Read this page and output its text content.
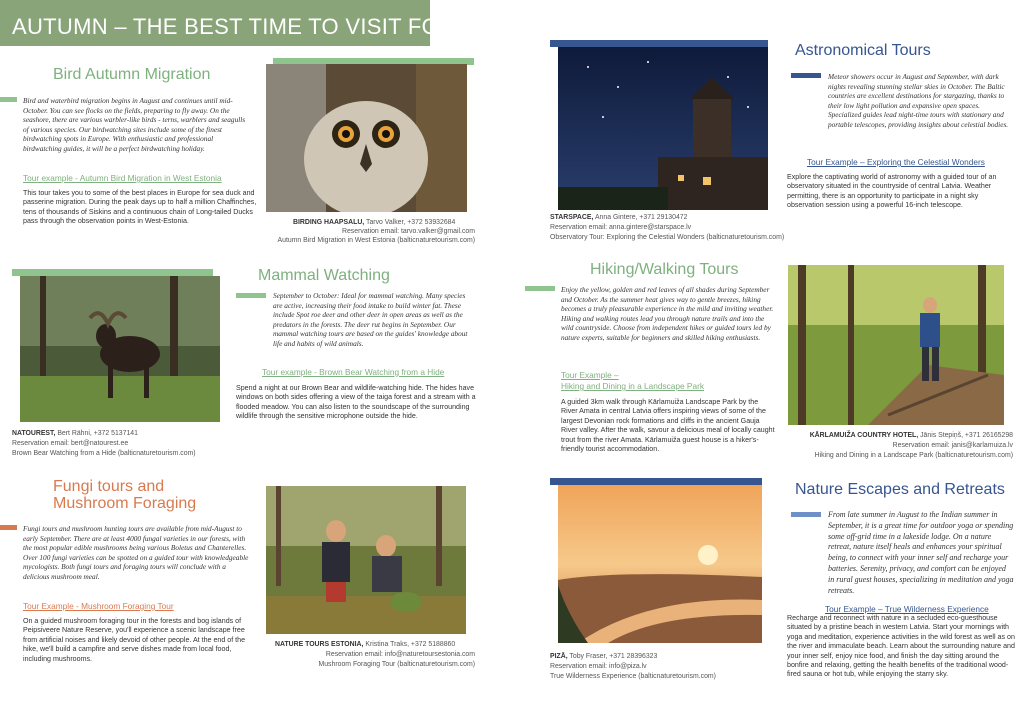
AUTUMN – THE BEST TIME TO VISIT FOR:
Bird Autumn Migration
Bird and waterbird migration begins in August and continues until mid-October. You can see flocks on the fields, preparing to fly away. On the seashore, there are various warbler-like birds - terns, warblers and seagulls of various species. Our birdwatching sites include some of the finest birdwatching spots in Europe. With enthusiastic and professional birdwatching guides, it will be a perfect birdwatching holiday.
Tour example - Autumn Bird Migration in West Estonia
This tour takes you to some of the best places in Europe for sea duck and passerine migration. During the peak days up to half a million Chaffinches, tens of thousands of Siskins and a continuous chain of Long-tailed Ducks pass through the observation points in West-Estonia.	BIRDING HAAPSALU, Tarvo Valker, +372 53932684
Reservation email: tarvo.valker@gmail.com
Autumn Bird Migration in West Estonia (balticnaturetourism.com)
Astronomical Tours
Meteor showers occur in August and September, with dark nights revealing stunning stellar skies in October. The Baltic countries are excellent destinations for stargazing, thanks to their low light pollution and expansive open spaces. Specialized guides lead night-time tours with stationary and portable telescopes, providing insights about celestial bodies.
Tour Example – Exploring the Celestial Wonders
Explore the captivating world of astronomy with a guided tour of an observatory situated in the countryside of central Latvia. Weather permitting, there is an opportunity to participate in a night sky observation session using a powerful 16-inch telescope.
STARSPACE, Anna Gintere, +371 29130472
Reservation email: anna.gintere@starspace.lv
Observatory Tour: Exploring the Celestial Wonders (balticnaturetourism.com)
Mammal Watching
September to October: Ideal for mammal watching. Many species are active, increasing their food intake to build winter fat. These include Spot roe deer and other deer in open areas as well as the predators in the forests. The deer rut begins in September. Our mammal watching tours are based on the guides' knowledge about life and habits of wild animals.
Tour example - Brown Bear Watching from a Hide
Spend a night at our Brown Bear and wildlife-watching hide. The hides have windows on both sides offering a view of the taiga forest and a stream with a flooded meadow. You can also listen to the soundscape of the surrounding wildlife through the sensitive microphone outside the hide.
NATOUREST, Bert Rähni, +372 5137141
Reservation email: bert@natourest.ee
Brown Bear Watching from a Hide (balticnaturetourism.com)
Hiking/Walking Tours
Enjoy the yellow, golden and red leaves of all shades during September and October. As the summer heat gives way to gentle breezes, hiking becomes a truly pleasurable experience in the mild and inviting weather. Hiking and walking routes lead you through nature trails and into the wild countryside. Choose from independent hikes or guided tours led by nature experts, suitable for beginners and skilled hiking enthusiasts.
Tour Example –
Hiking and Dining in a Landscape Park
A guided 3km walk through Kārlamuiža Landscape Park by the River Amata in central Latvia offers inspiring views of some of the largest Devonian rock formations and cliffs in the ancient Gauja River valley. After the walk, savour a delicious meal of locally caught trout from the river Amata. Kārlamuiža guest house is a hiker's-friendly tourist accommodation.
KĀRLAMUIŽA COUNTRY HOTEL, Jānis Stepiņš, +371 26165298
Reservation email: janis@karlamuiza.lv
Hiking and Dining in a Landscape Park (balticnaturetourism.com)
Fungi tours and
Mushroom Foraging
Fungi tours and mushroom hunting tours are available from mid-August to early September. There are at least 4000 fungal varieties in our forests, with the most popular edible mushrooms being various Boletus and Chanterelles. Over 100 fungi varieties can be spotted on a guided tour with knowledgeable mycologists. Both fungi tours and foraging tours will conclude with a delicious mushroom meal.
Tour Example - Mushroom Foraging Tour
On a guided mushroom foraging tour in the forests and bog islands of Peipsiveere Nature Reserve, you'll experience a scenic landscape free from artificial noises and likely devoid of other people. At the end of the hike, we'll build a campfire and serve dishes made from local food, including mushrooms.
NATURE TOURS ESTONIA, Kristina Traks, +372 5188860
Reservation email: info@naturetoursestonia.com
Mushroom Foraging Tour (balticnaturetourism.com)
Nature Escapes and Retreats
From late summer in August to the Indian summer in September, it is a great time for outdoor yoga or spending some off-grid time in a lakeside lodge. On a nature retreat, nature itself heals and enhances your spiritual being, to connect with your inner self and recharge your batteries. Serenity, privacy, and comfort can be enjoyed in rural guest houses, specializing in meditation and yoga retreats.
Tour Example – True Wilderness Experience
Recharge and reconnect with nature in a secluded eco-guesthouse situated by a pristine beach in western Latvia. Start your mornings with yoga and meditation, experience activities in the wild forest as well as on the river and immaculate beach. Learn about the surrounding nature and your inner self, enjoy nice food, and finish the day sitting around the bonfire and relaxing, getting the health benefits of the traditional wood-fired sauna or hot tub, while enjoying the starry sky.
PIZĀ, Toby Fraser, +371 28396323
Reservation email: info@piza.lv
True Wilderness Experience (balticnaturetourism.com)
